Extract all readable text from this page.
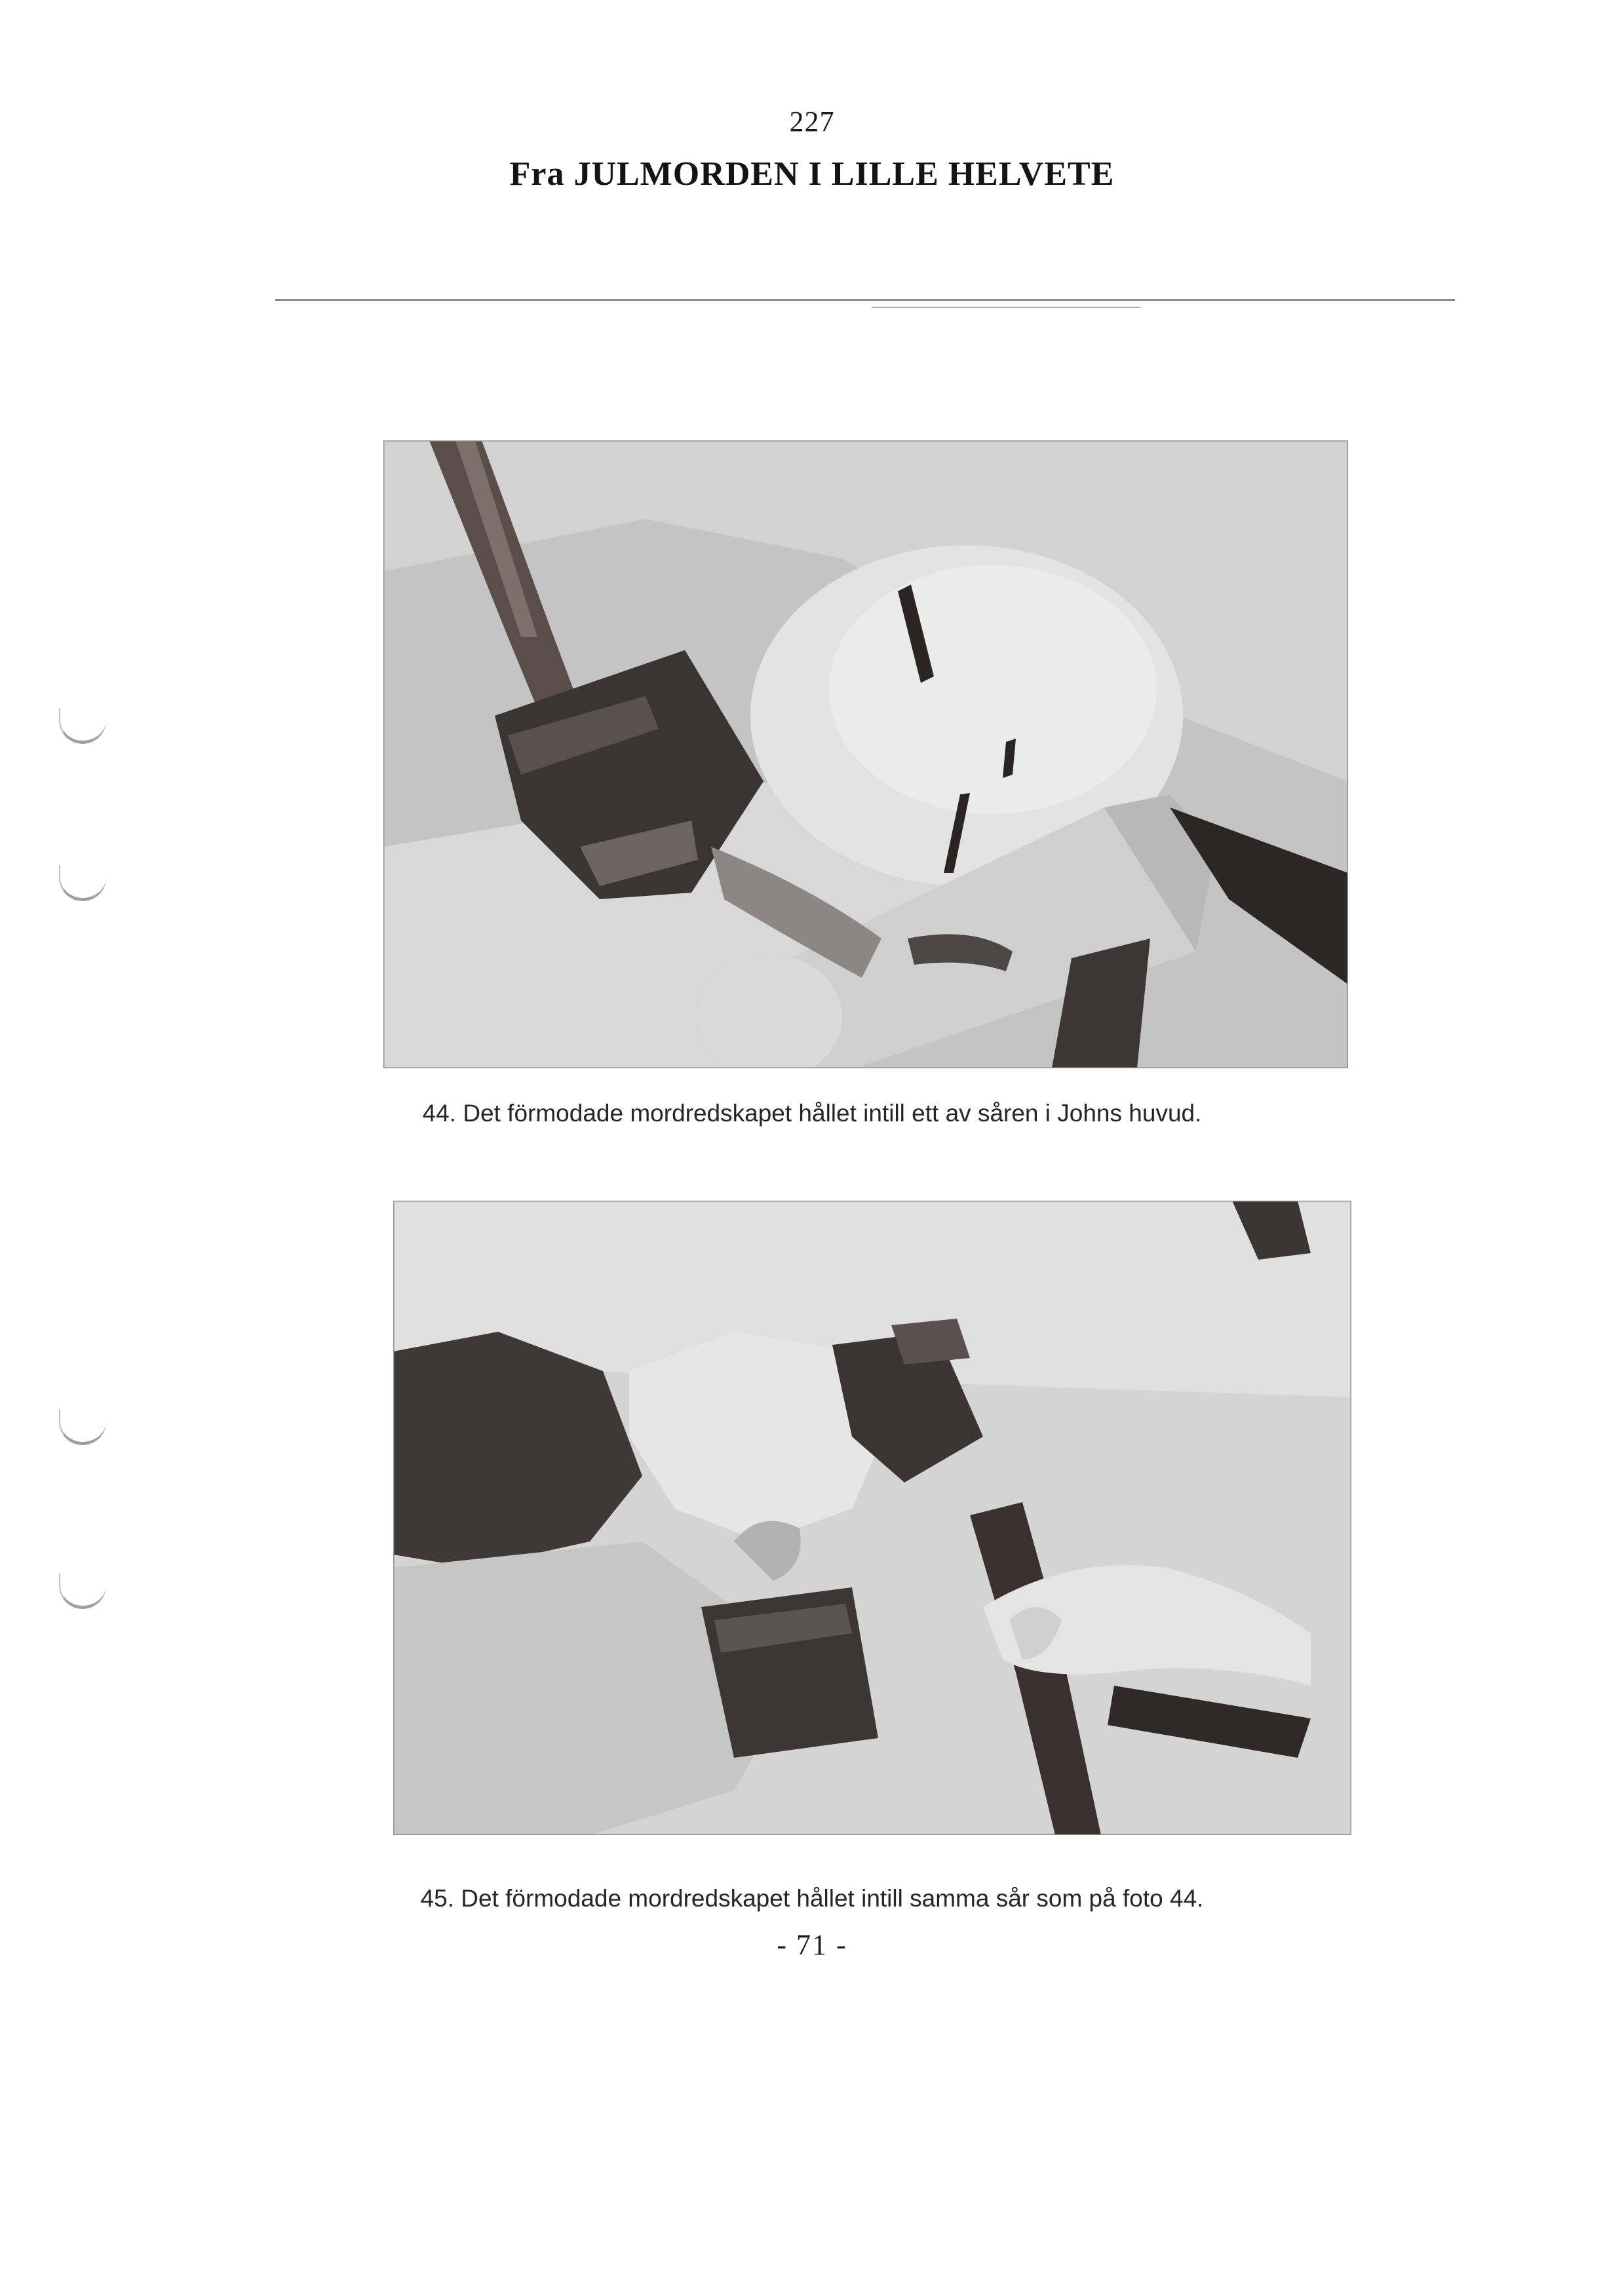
227
Fra JULMORDEN I LILLE HELVETE
44. Det förmodade mordredskapet hållet intill ett av såren i Johns huvud.
45. Det förmodade mordredskapet hållet intill samma sår som på foto 44.
- 71 -
